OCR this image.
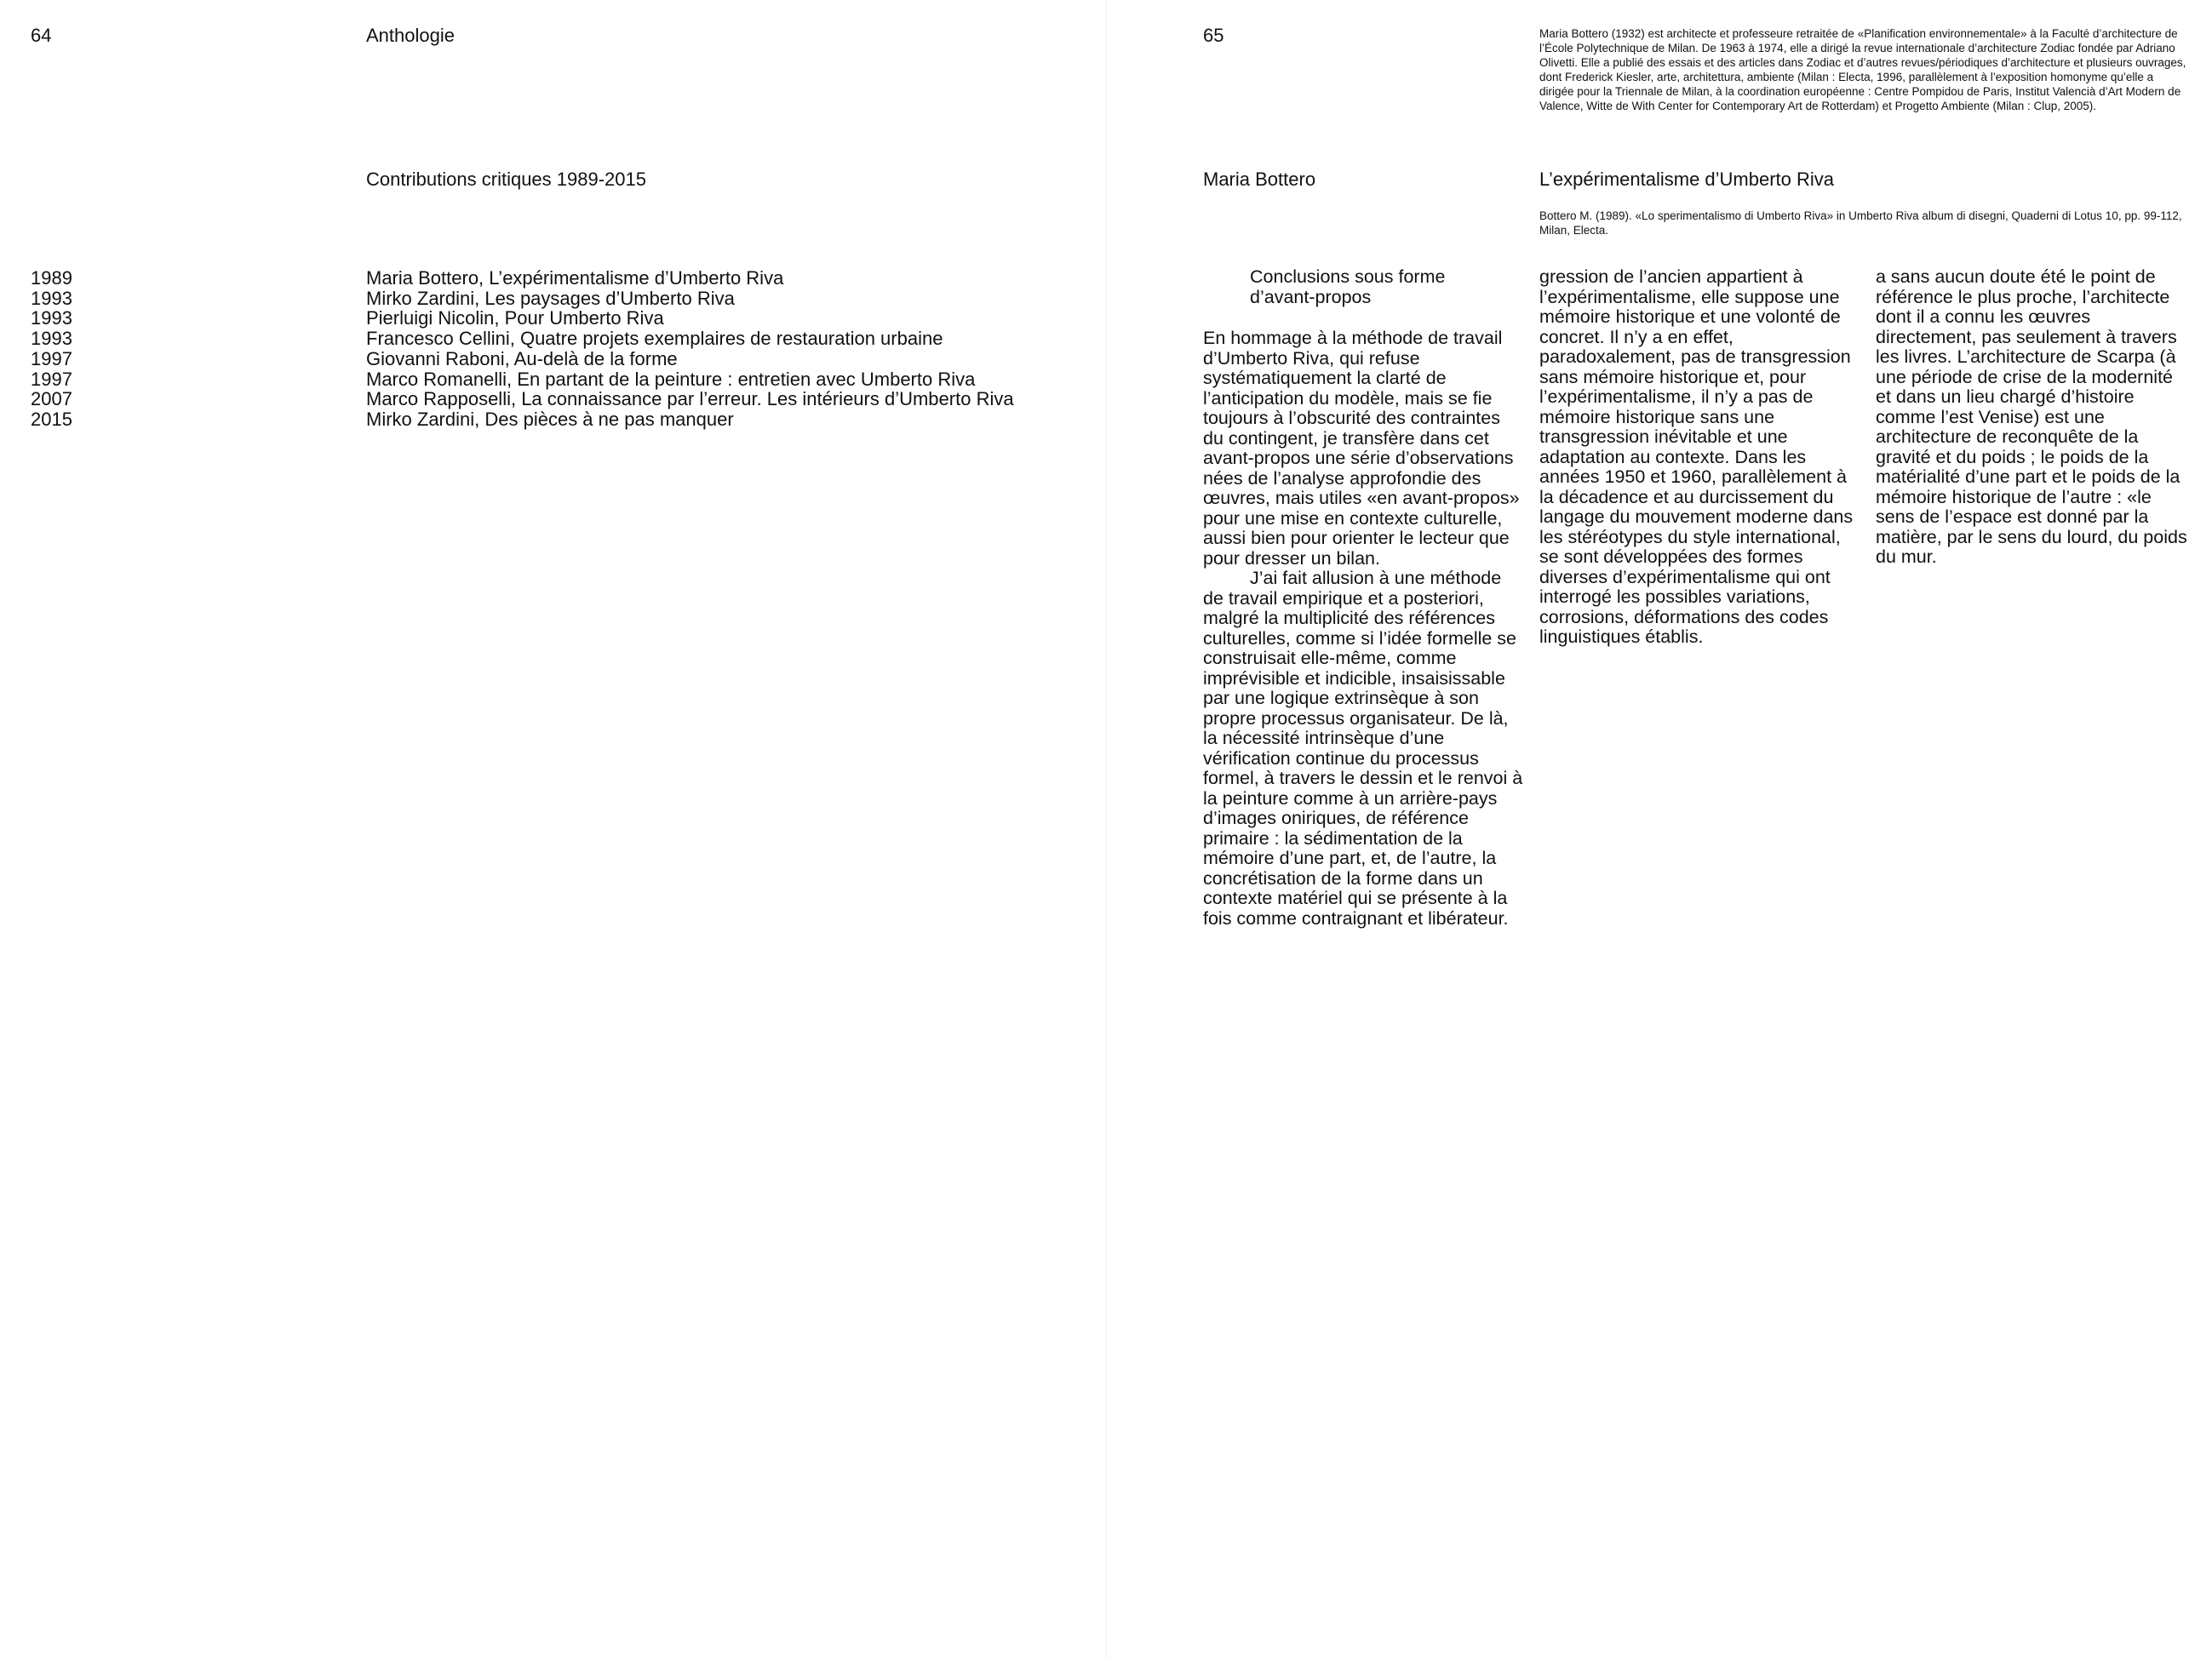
64	Anthologie
Contributions critiques 1989-2015
1989	Maria Bottero, L’expérimentalisme d’Umberto Riva
1993	Mirko Zardini, Les paysages d’Umberto Riva
1993	Pierluigi Nicolin, Pour Umberto Riva
1993	Francesco Cellini, Quatre projets exemplaires de restauration urbaine
1997	Giovanni Raboni, Au-delà de la forme
1997	Marco Romanelli, En partant de la peinture : entretien avec Umberto Riva
2007	Marco Rapposelli, La connaissance par l’erreur. Les intérieurs d’Umberto Riva
2015	Mirko Zardini, Des pièces à ne pas manquer
65	Maria Bottero (1932) est architecte et professeure retraitée de «Planification environnementale» à la Faculté d’architecture de l’École Polytechnique de Milan. De 1963 à 1974, elle a dirigé la revue internationale d’architecture Zodiac fondée par Adriano Olivetti. Elle a publié des essais et des articles dans Zodiac et d’autres revues/périodiques d’architecture et plusieurs ouvrages, dont Frederick Kiesler, arte, architettura, ambiente (Milan : Electa, 1996, parallèlement à l’exposition homonyme qu’elle a dirigée pour la Triennale de Milan, à la coordination européenne : Centre Pompidou de Paris, Institut Valencià d’Art Modern de Valence, Witte de With Center for Contemporary Art de Rotterdam) et Progetto Ambiente (Milan : Clup, 2005).
Maria Bottero	L’expérimentalisme d’Umberto Riva
Bottero M. (1989). «Lo sperimentalismo di Umberto Riva» in Umberto Riva album di disegni, Quaderni di Lotus 10, pp. 99-112, Milan, Electa.
Conclusions sous forme
d’avant-propos

En hommage à la méthode de travail d’Umberto Riva, qui refuse systématiquement la clarté de l’anticipation du modèle, mais se fie toujours à l’obscurité des contraintes du contingent, je transfère dans cet avant-propos une série d’observations nées de l’analyse approfondie des œuvres, mais utiles «en avant-propos» pour une mise en contexte culturelle, aussi bien pour orienter le lecteur que pour dresser un bilan.

J’ai fait allusion à une méthode de travail empirique et a posteriori, malgré la multiplicité des références culturelles, comme si l’idée formelle se construisait elle-même, comme imprévisible et indicible, insaisissable par une logique extrinsèque à son propre processus organisateur. De là, la nécessité intrinsèque d’une vérification continue du processus formel, à travers le dessin et le renvoi à la peinture comme à un arrière-pays d’images oniriques, de référence primaire : la sédimentation de la mémoire d’une part, et, de l’autre, la concrétisation de la forme dans un contexte matériel qui se présente à la fois comme contraignant et libérateur.

gression de l’ancien appartient à l’expérimentalisme, elle suppose une mémoire historique et une volonté de concret. Il n’y a en effet, paradoxalement, pas de transgression sans mémoire historique et, pour l’expérimentalisme, il n’y a pas de mémoire historique sans une transgression inévitable et une adaptation au contexte. Dans les années 1950 et 1960, parallèlement à la décadence et au durcissement du langage du mouvement moderne dans les stéréotypes du style international, se sont développées des formes diverses d’expérimentalisme qui ont interrogé les possibles variations, corrosions, déformations des codes linguistiques établis.

a sans aucun doute été le point de référence le plus proche, l’architecte dont il a connu les œuvres directement, pas seulement à travers les livres. L’architecture de Scarpa (à une période de crise de la modernité et dans un lieu chargé d’histoire comme l’est Venise) est une architecture de reconquête de la gravité et du poids ; le poids de la matérialité d’une part et le poids de la mémoire historique de l’autre : «le sens de l’espace est donné par la matière, par le sens du lourd, du poids du mur.
